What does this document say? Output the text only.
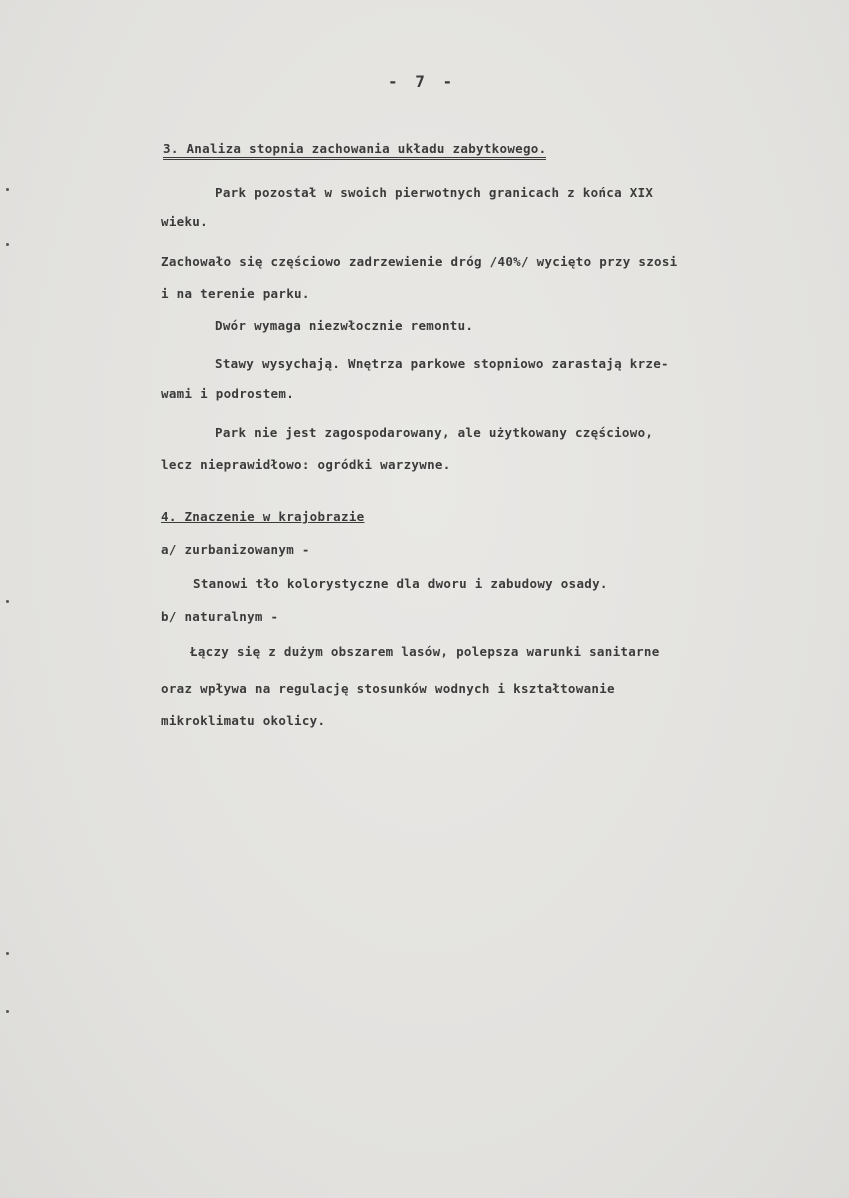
- 7 -
3. Analiza stopnia zachowania układu zabytkowego.
Park pozostał w swoich pierwotnych granicach z końca XIX
wieku.
Zachowało się częściowo zadrzewienie dróg /40%/ wycięto przy szosi
i na terenie parku.
Dwór wymaga niezwłocznie remontu.
Stawy wysychają. Wnętrza parkowe stopniowo zarastają krze-
wami i podrostem.
Park nie jest zagospodarowany, ale użytkowany częściowo,
lecz nieprawidłowo: ogródki warzywne.
4. Znaczenie w krajobrazie
a/ zurbanizowanym -
Stanowi tło kolorystyczne dla dworu i zabudowy osady.
b/ naturalnym -
Łączy się z dużym obszarem lasów, polepsza warunki sanitarne
oraz wpływa na regulację stosunków wodnych i kształtowanie
mikroklimatu okolicy.
